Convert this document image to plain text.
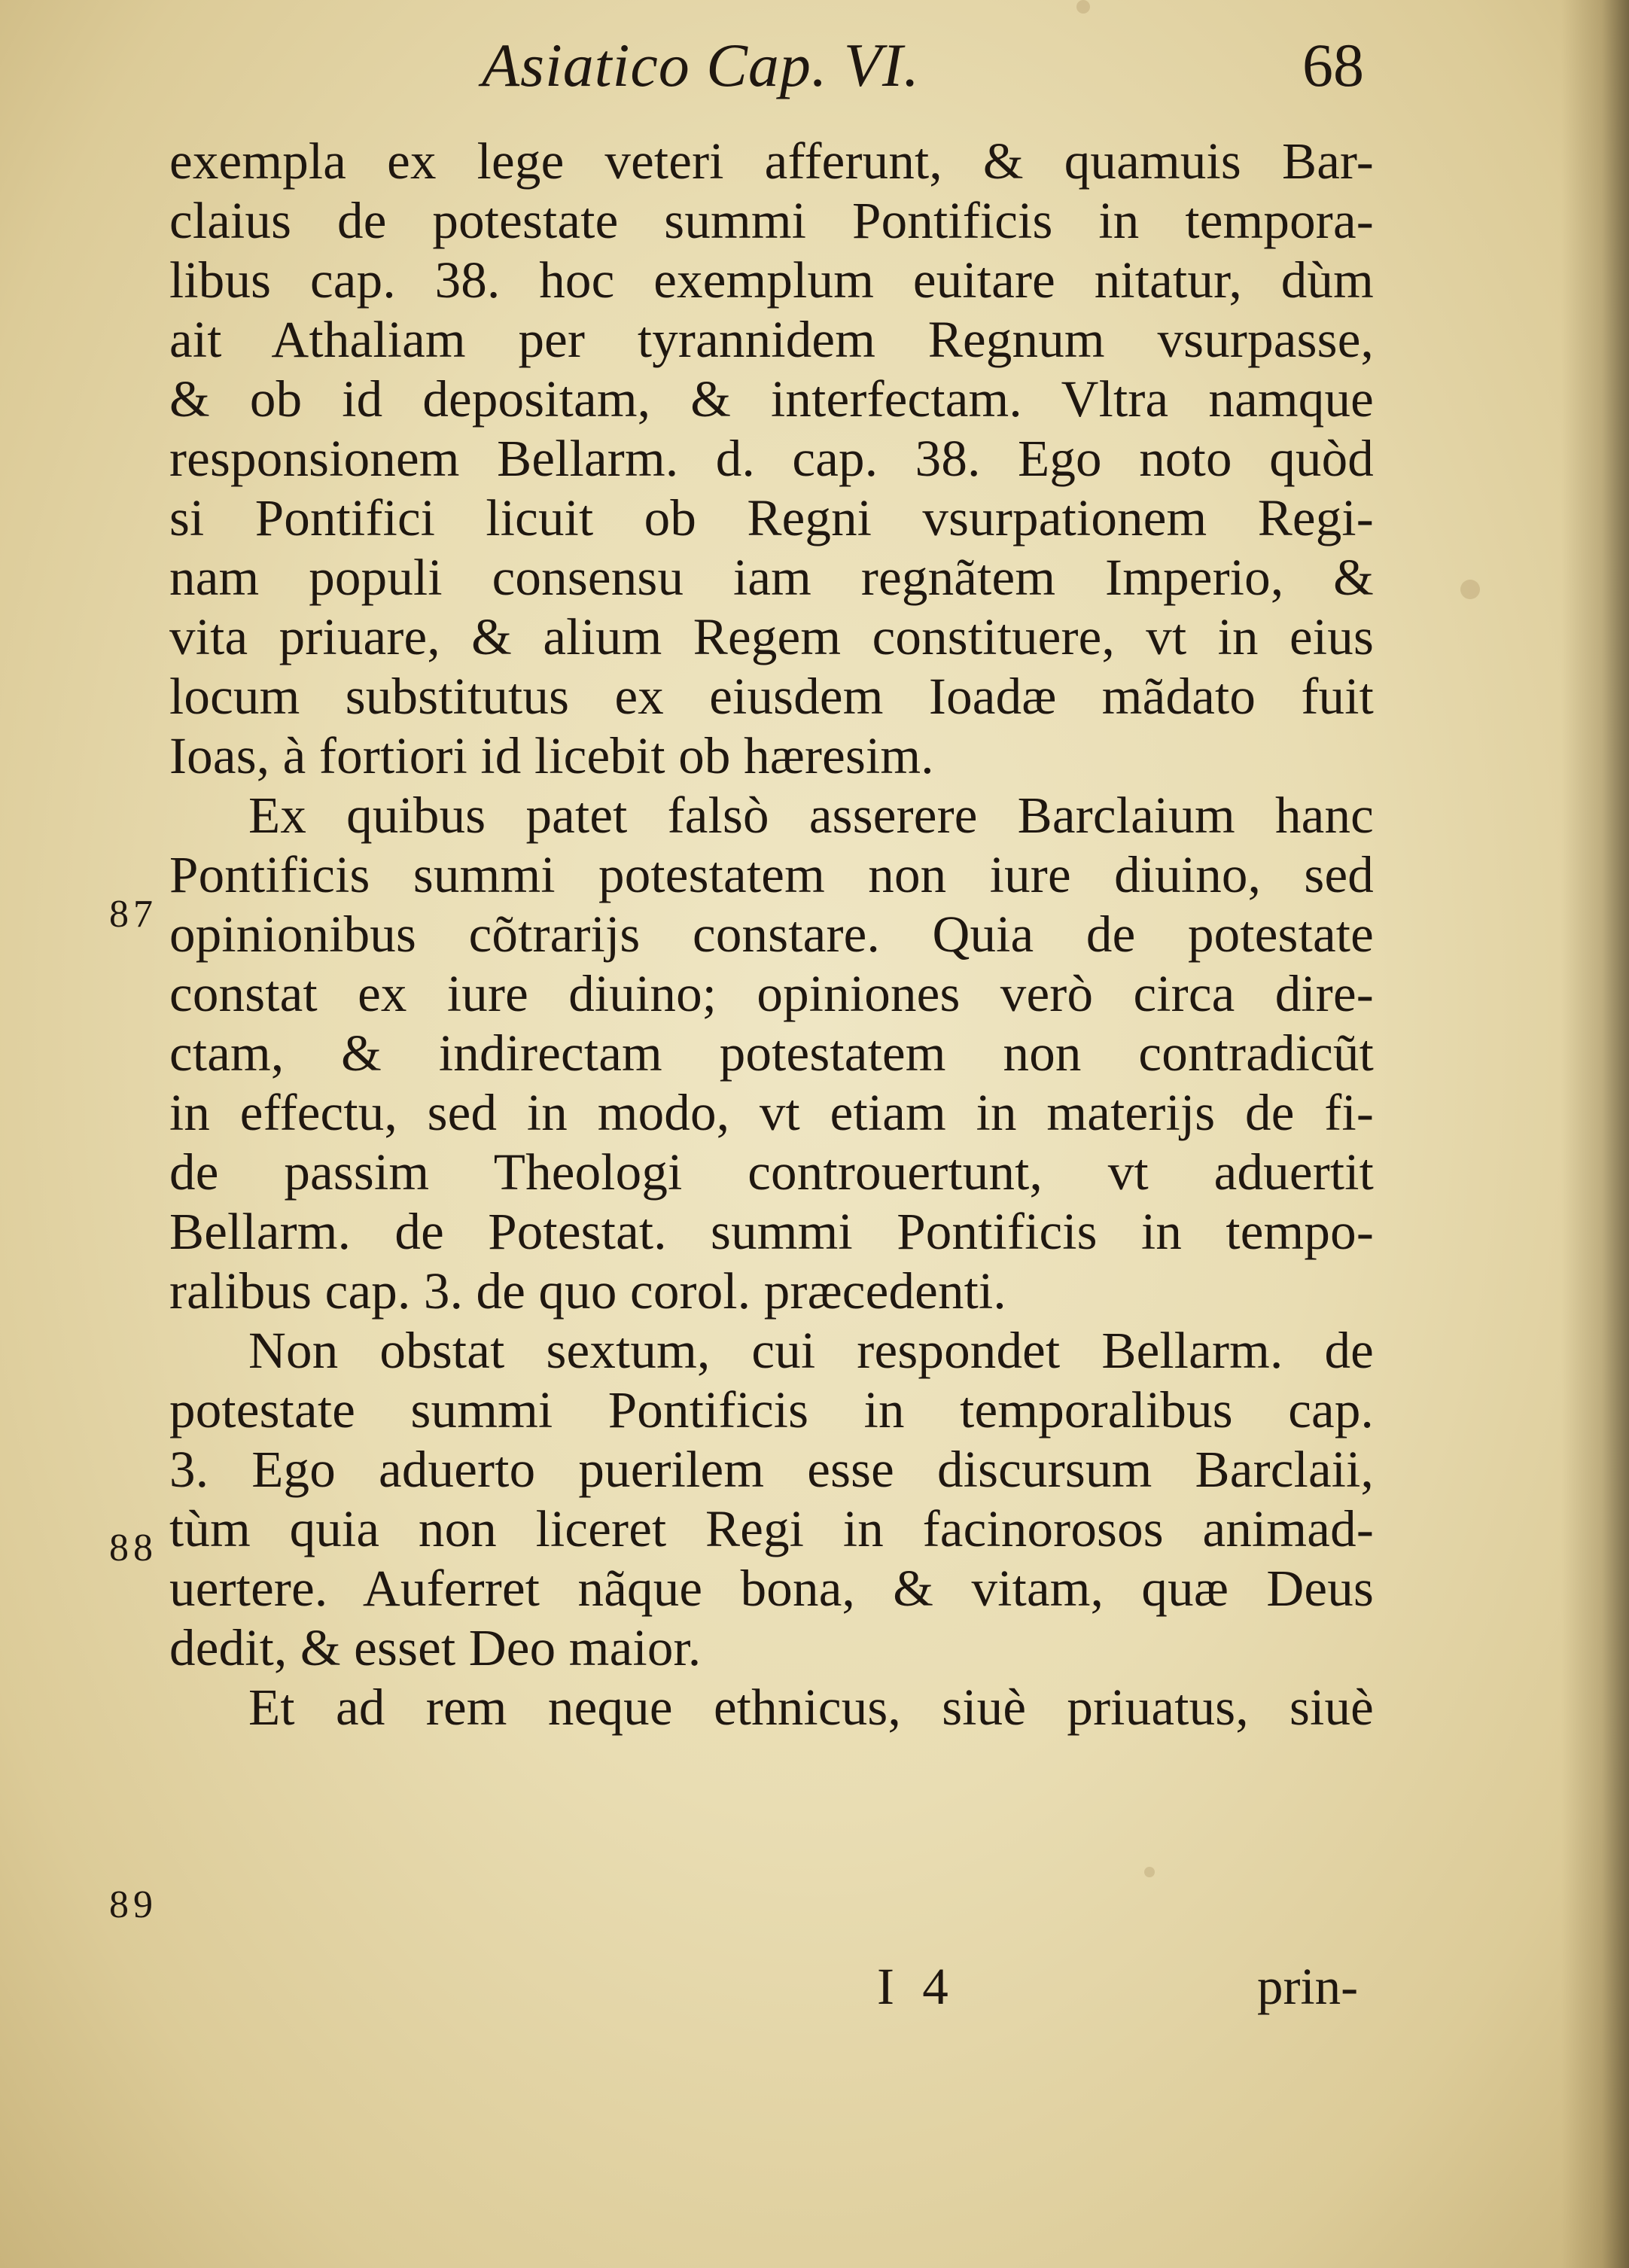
Asiatico Cap. VI.	68
exempla ex lege veteri afferunt, & quamuis Bar-
claius de potestate summi Pontificis in tempora-
libus cap. 38. hoc exemplum euitare nitatur, dùm
ait Athaliam per tyrannidem Regnum vsurpasse,
& ob id depositam, & interfectam. Vltra namque
responsionem Bellarm. d. cap. 38. Ego noto quòd
si Pontifici licuit ob Regni vsurpationem Regi-
nam populi consensu iam regnãtem Imperio, &
vita priuare, & alium Regem constituere, vt in eius
locum substitutus ex eiusdem Ioadæ mãdato fuit
Ioas, à fortiori id licebit ob hæresim.
Ex quibus patet falsò asserere Barclaium hanc
Pontificis summi potestatem non iure diuino, sed
opinionibus cõtrarijs constare. Quia de potestate
constat ex iure diuino; opiniones verò circa dire-
ctam, & indirectam potestatem non contradicũt
in effectu, sed in modo, vt etiam in materijs de fi-
de passim Theologi controuertunt, vt aduertit
Bellarm. de Potestat. summi Pontificis in tempo-
ralibus cap. 3. de quo corol. præcedenti.
Non obstat sextum, cui respondet Bellarm. de
potestate summi Pontificis in temporalibus cap.
3. Ego aduerto puerilem esse discursum Barclaii,
tùm quia non liceret Regi in facinorosos animad-
uertere. Auferret nãque bona, & vitam, quæ Deus
dedit, & esset Deo maior.
Et ad rem neque ethnicus, siuè priuatus, siuè
87
88
89
I 4	prin-
